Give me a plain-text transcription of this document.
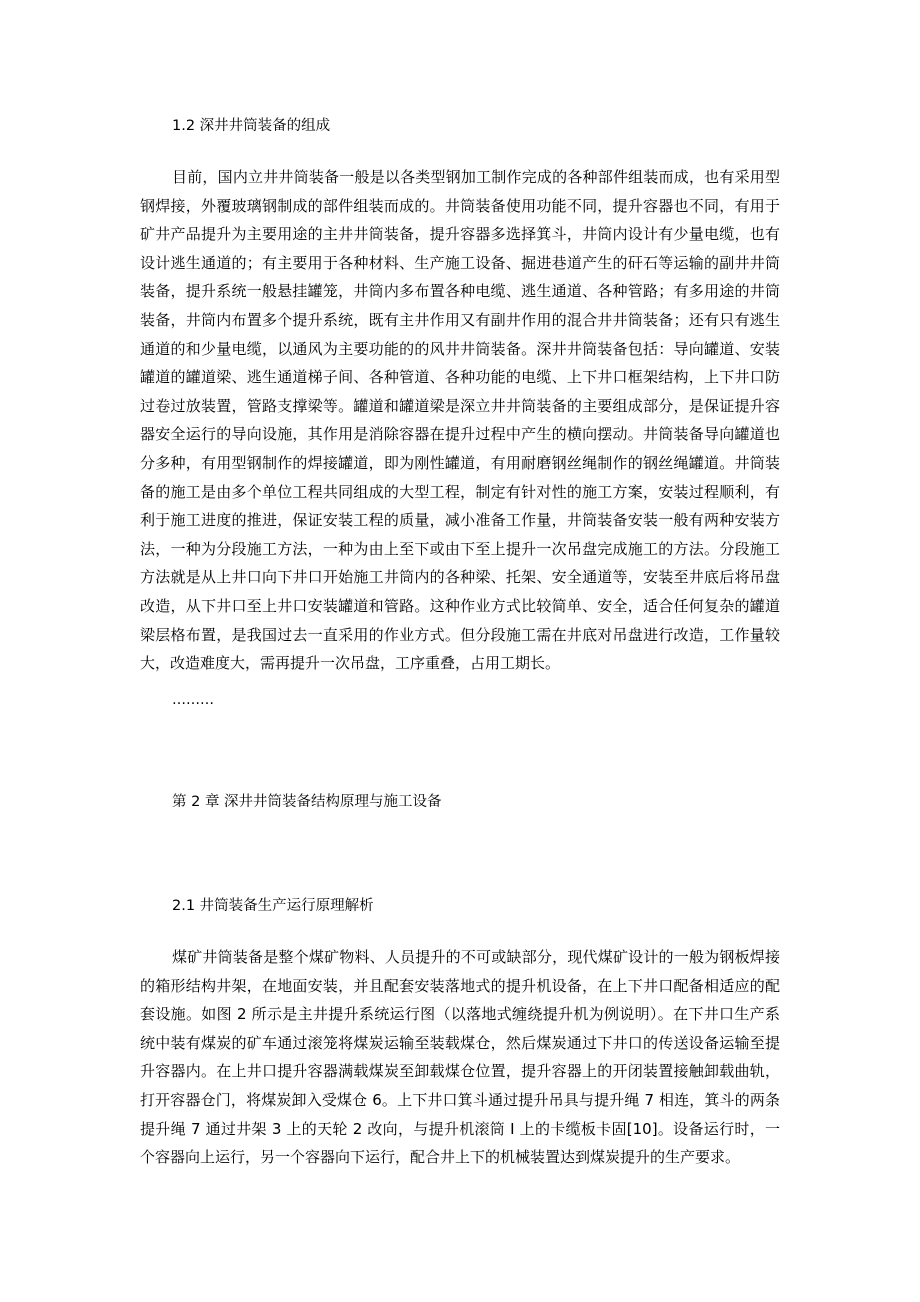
1.2 深井井筒装备的组成

目前，国内立井井筒装备一般是以各类型钢加工制作完成的各种部件组装而成，也有采用型钢焊接，外覆玻璃钢制成的部件组装而成的。井筒装备使用功能不同，提升容器也不同，有用于矿井产品提升为主要用途的主井井筒装备，提升容器多选择箕斗，井筒内设计有少量电缆，也有设计逃生通道的；有主要用于各种材料、生产施工设备、掘进巷道产生的矸石等运输的副井井筒装备，提升系统一般悬挂罐笼，井筒内多布置各种电缆、逃生通道、各种管路；有多用途的井筒装备，井筒内布置多个提升系统，既有主井作用又有副井作用的混合井井筒装备；还有只有逃生通道的和少量电缆，以通风为主要功能的的风井井筒装备。深井井筒装备包括：导向罐道、安装罐道的罐道梁、逃生通道梯子间、各种管道、各种功能的电缆、上下井口框架结构，上下井口防过卷过放装置，管路支撑梁等。罐道和罐道梁是深立井井筒装备的主要组成部分，是保证提升容器安全运行的导向设施，其作用是消除容器在提升过程中产生的横向摆动。井筒装备导向罐道也分多种，有用型钢制作的焊接罐道，即为刚性罐道，有用耐磨钢丝绳制作的钢丝绳罐道。井筒装备的施工是由多个单位工程共同组成的大型工程，制定有针对性的施工方案，安装过程顺利，有利于施工进度的推进，保证安装工程的质量，减小准备工作量，井筒装备安装一般有两种安装方法，一种为分段施工方法，一种为由上至下或由下至上提升一次吊盘完成施工的方法。分段施工方法就是从上井口向下井口开始施工井筒内的各种梁、托架、安全通道等，安装至井底后将吊盘改造，从下井口至上井口安装罐道和管路。这种作业方式比较简单、安全，适合任何复杂的罐道梁层格布置，是我国过去一直采用的作业方式。但分段施工需在井底对吊盘进行改造，工作量较大，改造难度大，需再提升一次吊盘，工序重叠，占用工期长。

………

第 2 章 深井井筒装备结构原理与施工设备
2.1 井筒装备生产运行原理解析

煤矿井筒装备是整个煤矿物料、人员提升的不可或缺部分，现代煤矿设计的一般为钢板焊接的箱形结构井架，在地面安装，并且配套安装落地式的提升机设备，在上下井口配备相适应的配套设施。如图 2 所示是主井提升系统运行图（以落地式缠绕提升机为例说明）。在下井口生产系统中装有煤炭的矿车通过滚笼将煤炭运输至装载煤仓，然后煤炭通过下井口的传送设备运输至提升容器内。在上井口提升容器满载煤炭至卸载煤仓位置，提升容器上的开闭装置接触卸载曲轨，打开容器仓门，将煤炭卸入受煤仓 6。上下井口箕斗通过提升吊具与提升绳 7 相连，箕斗的两条提升绳 7 通过井架 3 上的天轮 2 改向，与提升机滚筒 I 上的卡缆板卡固[10]。设备运行时，一个容器向上运行，另一个容器向下运行，配合井上下的机械装置达到煤炭提升的生产要求。
